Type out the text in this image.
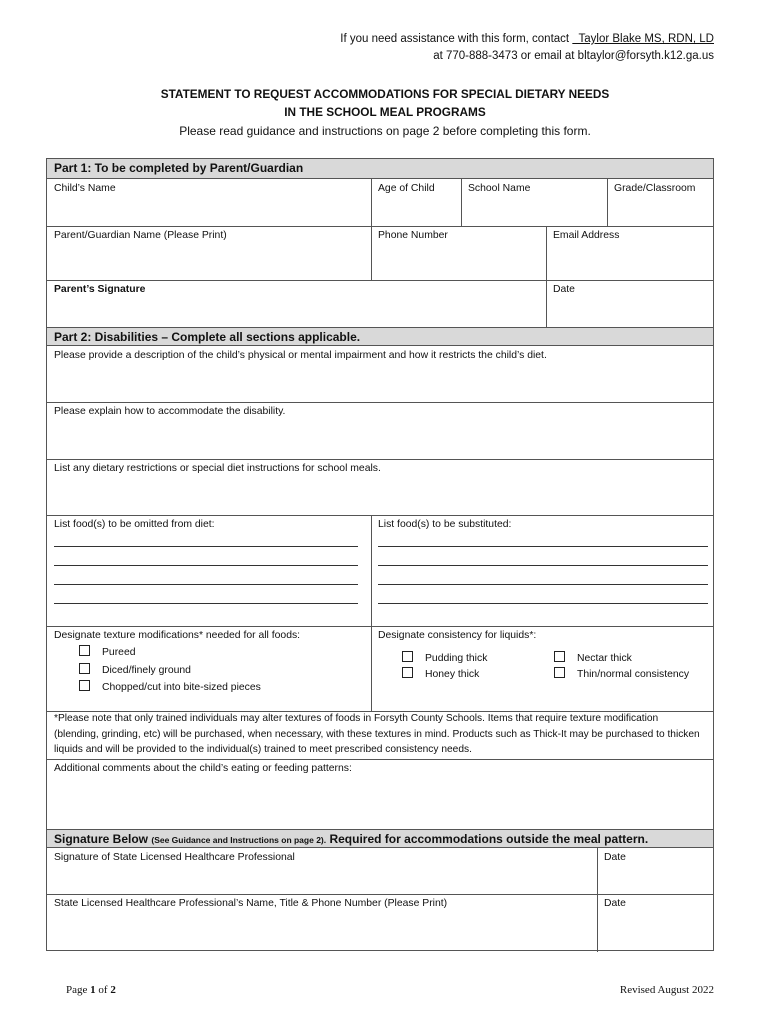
If you need assistance with this form, contact   Taylor Blake MS, RDN, LD
at 770-888-3473 or email at bltaylor@forsyth.k12.ga.us
STATEMENT TO REQUEST ACCOMMODATIONS FOR SPECIAL DIETARY NEEDS
IN THE SCHOOL MEAL PROGRAMS
Please read guidance and instructions on page 2 before completing this form.
Part 1: To be completed by Parent/Guardian
Child’s Name	Age of Child	School Name	Grade/Classroom
Parent/Guardian Name (Please Print)	Phone Number	Email Address
Parent’s Signature	Date
Part 2: Disabilities – Complete all sections applicable.
Please provide a description of the child’s physical or mental impairment and how it restricts the child’s diet.
Please explain how to accommodate the disability.
List any dietary restrictions or special diet instructions for school meals.
List food(s) to be omitted from diet:	List food(s) to be substituted:
Designate texture modifications* needed for all foods:	Designate consistency for liquids*:
Pureed
Diced/finely ground
Chopped/cut into bite-sized pieces
Pudding thick
Honey thick
Nectar thick
Thin/normal consistency
Additional comments about the child’s eating or feeding patterns:
Signature Below (See Guidance and Instructions on page 2). Required for accommodations outside the meal pattern.
Signature of State Licensed Healthcare Professional	Date
State Licensed Healthcare Professional’s Name, Title & Phone Number (Please Print)	Date
*Please note that only trained individuals may alter textures of foods in Forsyth County Schools. Items that require texture modification (blending, grinding, etc) will be purchased, when necessary, with these textures in mind. Products such as Thick-It may be purchased to thicken liquids and will be provided to the individual(s) trained to meet prescribed consistency needs.
Page 1 of 2	Revised August 2022
